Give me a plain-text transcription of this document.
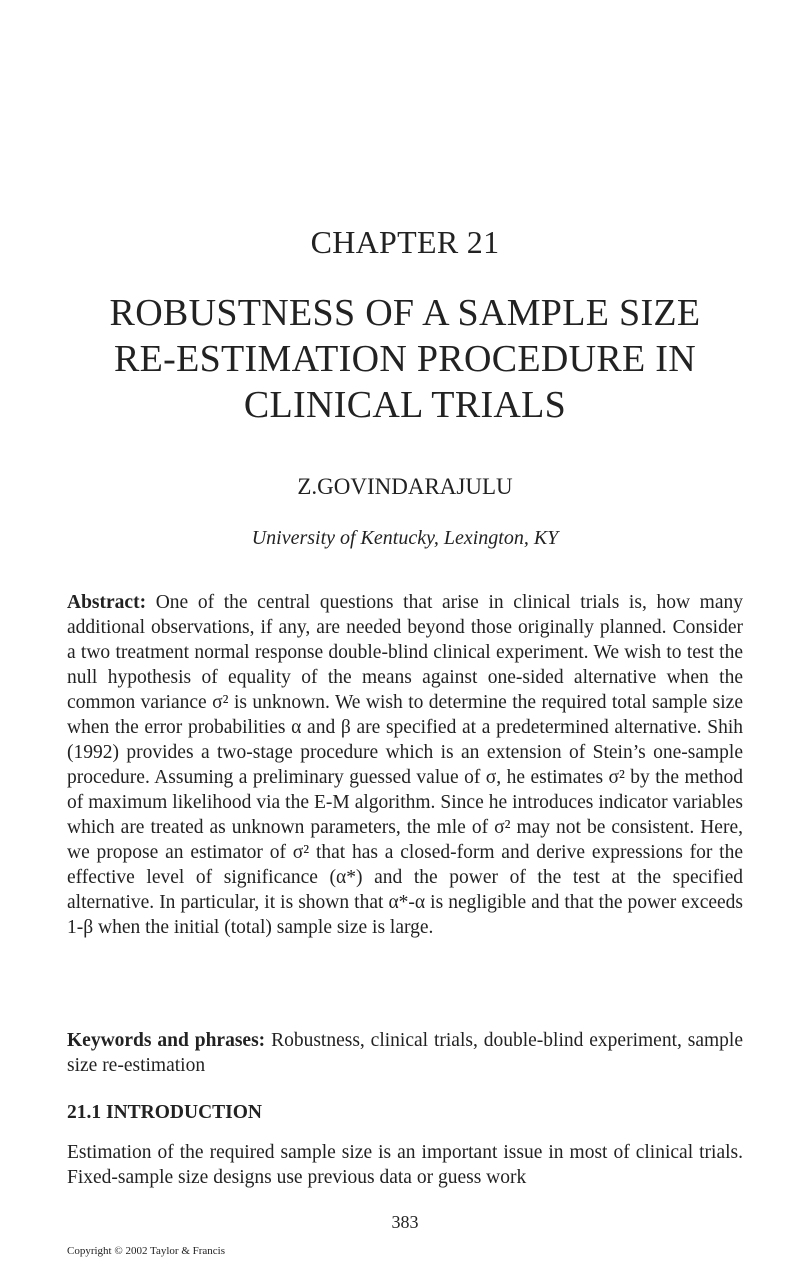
CHAPTER 21
ROBUSTNESS OF A SAMPLE SIZE
RE-ESTIMATION PROCEDURE IN
CLINICAL TRIALS
Z.GOVINDARAJULU
University of Kentucky, Lexington, KY
Abstract: One of the central questions that arise in clinical trials is, how many additional observations, if any, are needed beyond those originally planned. Consider a two treatment normal response double-blind clinical experiment. We wish to test the null hypothesis of equality of the means against one-sided alternative when the common variance σ² is unknown. We wish to determine the required total sample size when the error probabilities α and β are specified at a predetermined alternative. Shih (1992) provides a two-stage procedure which is an extension of Stein’s one-sample procedure. Assuming a preliminary guessed value of σ, he estimates σ² by the method of maximum likelihood via the E-M algorithm. Since he introduces indicator variables which are treated as unknown parameters, the mle of σ² may not be consistent. Here, we propose an estimator of σ² that has a closed-form and derive expressions for the effective level of significance (α*) and the power of the test at the specified alternative. In particular, it is shown that α*-α is negligible and that the power exceeds 1-β when the initial (total) sample size is large.
Keywords and phrases: Robustness, clinical trials, double-blind experiment, sample size re-estimation
21.1 INTRODUCTION
Estimation of the required sample size is an important issue in most of clinical trials. Fixed-sample size designs use previous data or guess work
383
Copyright © 2002 Taylor & Francis
